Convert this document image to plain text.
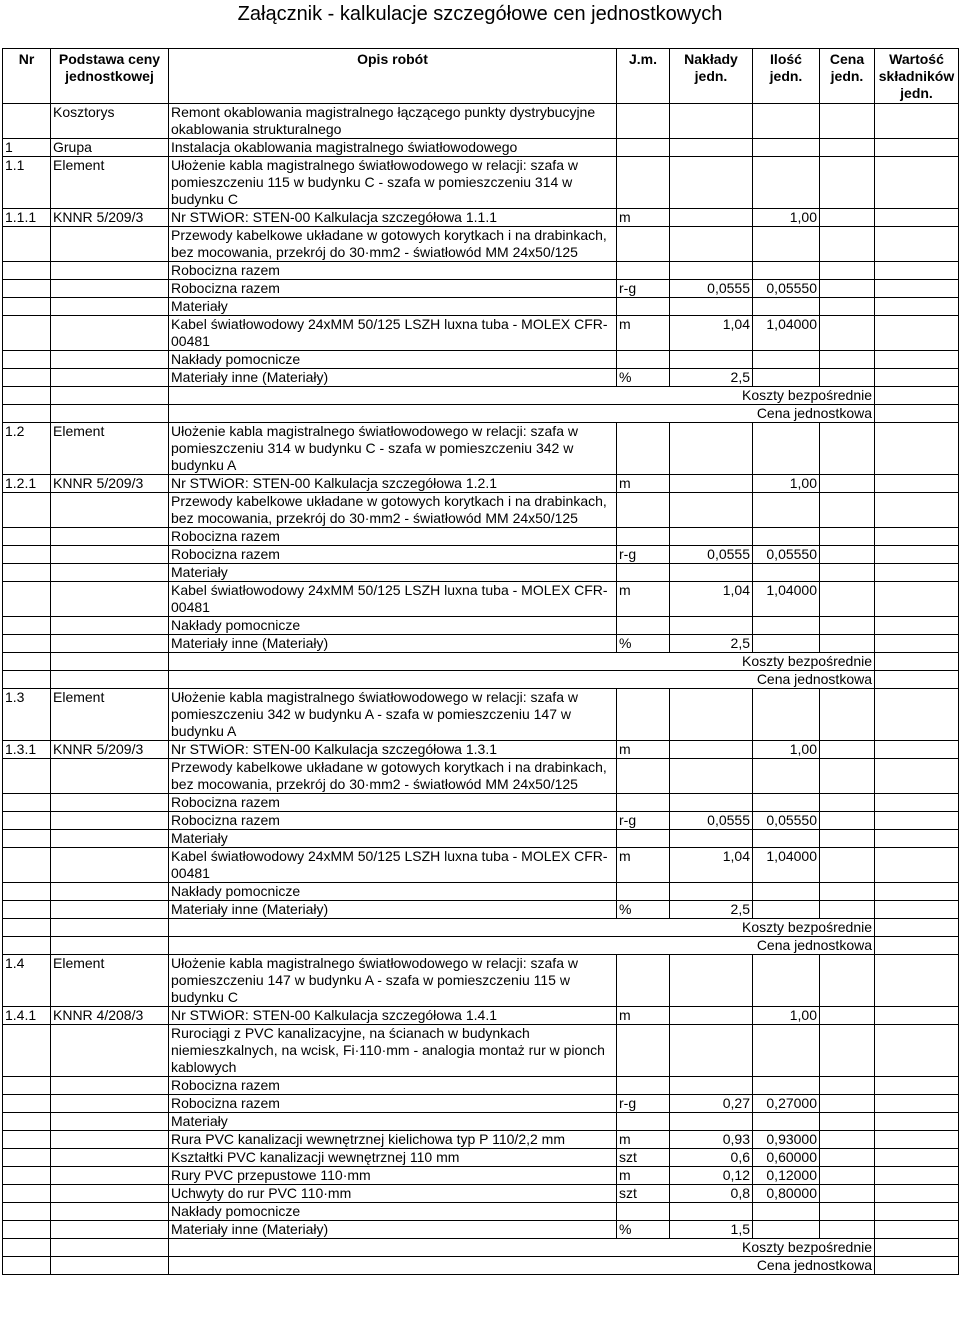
Załącznik - kalkulacje szczegółowe cen jednostkowych
Nr	Podstawa ceny jednostkowej	Opis robót	J.m.	Nakłady jedn.	Ilość jedn.	Cena jedn.	Wartość składników jedn.
	Kosztorys	Remont okablowania magistralnego łączącego punkty dystrybucyjne okablowania strukturalnego					
1	Grupa	Instalacja okablowania magistralnego światłowodowego					
1.1	Element	Ułożenie kabla magistralnego światłowodowego w relacji: szafa w pomieszczeniu 115 w budynku C - szafa w pomieszczeniu 314 w budynku C					
1.1.1	KNNR 5/209/3	Nr STWiOR: STEN-00 Kalkulacja szczegółowa 1.1.1	m		1,00		
		Przewody kabelkowe układane w gotowych korytkach i na drabinkach, bez mocowania, przekrój do 30·mm2 - światłowód MM 24x50/125					
		Robocizna razem					
		Robocizna razem	r-g	0,0555	0,05550		
		Materiały					
		Kabel światłowodowy 24xMM 50/125 LSZH luxna tuba - MOLEX CFR-00481	m	1,04	1,04000		
		Nakłady pomocnicze					
		Materiały inne (Materiały)	%	2,5			
		Koszty bezpośrednie					
		Cena jednostkowa					
1.2	Element	Ułożenie kabla magistralnego światłowodowego w relacji: szafa w pomieszczeniu 314 w budynku C - szafa w pomieszczeniu 342 w budynku A					
1.2.1	KNNR 5/209/3	Nr STWiOR: STEN-00 Kalkulacja szczegółowa 1.2.1	m		1,00		
		Przewody kabelkowe układane w gotowych korytkach i na drabinkach, bez mocowania, przekrój do 30·mm2 - światłowód MM 24x50/125					
		Robocizna razem					
		Robocizna razem	r-g	0,0555	0,05550		
		Materiały					
		Kabel światłowodowy 24xMM 50/125 LSZH luxna tuba - MOLEX CFR-00481	m	1,04	1,04000		
		Nakłady pomocnicze					
		Materiały inne (Materiały)	%	2,5			
		Koszty bezpośrednie					
		Cena jednostkowa					
1.3	Element	Ułożenie kabla magistralnego światłowodowego w relacji: szafa w pomieszczeniu 342 w budynku A - szafa w pomieszczeniu 147 w budynku A					
1.3.1	KNNR 5/209/3	Nr STWiOR: STEN-00 Kalkulacja szczegółowa 1.3.1	m		1,00		
		Przewody kabelkowe układane w gotowych korytkach i na drabinkach, bez mocowania, przekrój do 30·mm2 - światłowód MM 24x50/125					
		Robocizna razem					
		Robocizna razem	r-g	0,0555	0,05550		
		Materiały					
		Kabel światłowodowy 24xMM 50/125 LSZH luxna tuba - MOLEX CFR-00481	m	1,04	1,04000		
		Nakłady pomocnicze					
		Materiały inne (Materiały)	%	2,5			
		Koszty bezpośrednie					
		Cena jednostkowa					
1.4	Element	Ułożenie kabla magistralnego światłowodowego w relacji: szafa w pomieszczeniu 147 w budynku A - szafa w pomieszczeniu 115 w budynku C					
1.4.1	KNNR 4/208/3	Nr STWiOR: STEN-00 Kalkulacja szczegółowa 1.4.1	m		1,00		
		Rurociągi z PVC kanalizacyjne, na ścianach w budynkach niemieszkalnych, na wcisk, Fi·110·mm - analogia montaż rur w pionch kablowych					
		Robocizna razem					
		Robocizna razem	r-g	0,27	0,27000		
		Materiały					
		Rura PVC kanalizacji wewnętrznej kielichowa typ P 110/2,2 mm	m	0,93	0,93000		
		Kształtki PVC kanalizacji wewnętrznej 110 mm	szt	0,6	0,60000		
		Rury PVC przepustowe 110·mm	m	0,12	0,12000		
		Uchwyty do rur PVC 110·mm	szt	0,8	0,80000		
		Nakłady pomocnicze					
		Materiały inne (Materiały)	%	1,5			
		Koszty bezpośrednie					
		Cena jednostkowa					
